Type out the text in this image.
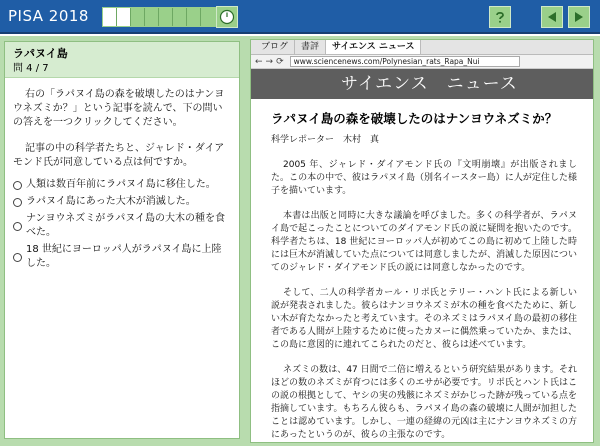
PISA 2018
ラパヌイ島
問 4 / 7

右の「ラパヌイ島の森を破壊したのはナンヨウネズミか？」という記事を読んで、下の問いの答えを一つクリックしてください。

記事の中の科学者たちと、ジャレド・ダイアモンド氏が同意している点は何ですか。

人類は数百年前にラパヌイ島に移住した。
ラパヌイ島にあった大木が消滅した。
ナンヨウネズミがラパヌイ島の大木の種を食べた。
18 世紀にヨーロッパ人がラパヌイ島に上陸した。
ブログ	書評	サイエンス ニュース
← → ⟳	www.sciencenews.com/Polynesian_rats_Rapa_Nui
サイエンス　ニュース
ラパヌイ島の森を破壊したのはナンヨウネズミか？
科学レポーター　木村　真

2005 年、ジャレド・ダイアモンド氏の『文明崩壊』が出版されました。この本の中で、彼はラパヌイ島（別名イースター島）に人が定住した様子を描いています。

本書は出版と同時に大きな議論を呼びました。多くの科学者が、ラパヌイ島で起こったことについてのダイアモンド氏の説に疑問を抱いたのです。科学者たちは、18 世紀にヨーロッパ人が初めてこの島に初めて上陸した時には巨木が消滅していた点については同意しましたが、消滅した原因についてのジャレド・ダイアモンド氏の説には同意しなかったのです。

そして、二人の科学者カール・リポ氏とテリー・ハント氏による新しい説が発表されました。彼らはナンヨウネズミが木の種を食べたために、新しい木が育たなかったと考えています。そのネズミはラパヌイ島の最初の移住者である人間が上陸するために使ったカヌーに偶然乗っていたか、または、この島に意図的に連れてこられたのだと、彼らは述べています。

ネズミの数は、47 日間で二倍に増えるという研究結果があります。それほどの数のネズミが育つには多くのエサが必要です。リポ氏とハント氏はこの説の根拠として、ヤシの実の残骸にネズミがかじった跡が残っている点を指摘しています。もちろん彼らも、ラパヌイ島の森の破壊に人間が加担したことは認めています。しかし、一連の経緯の元凶は主にナンヨウネズミの方にあったというのが、彼らの主張なのです。
